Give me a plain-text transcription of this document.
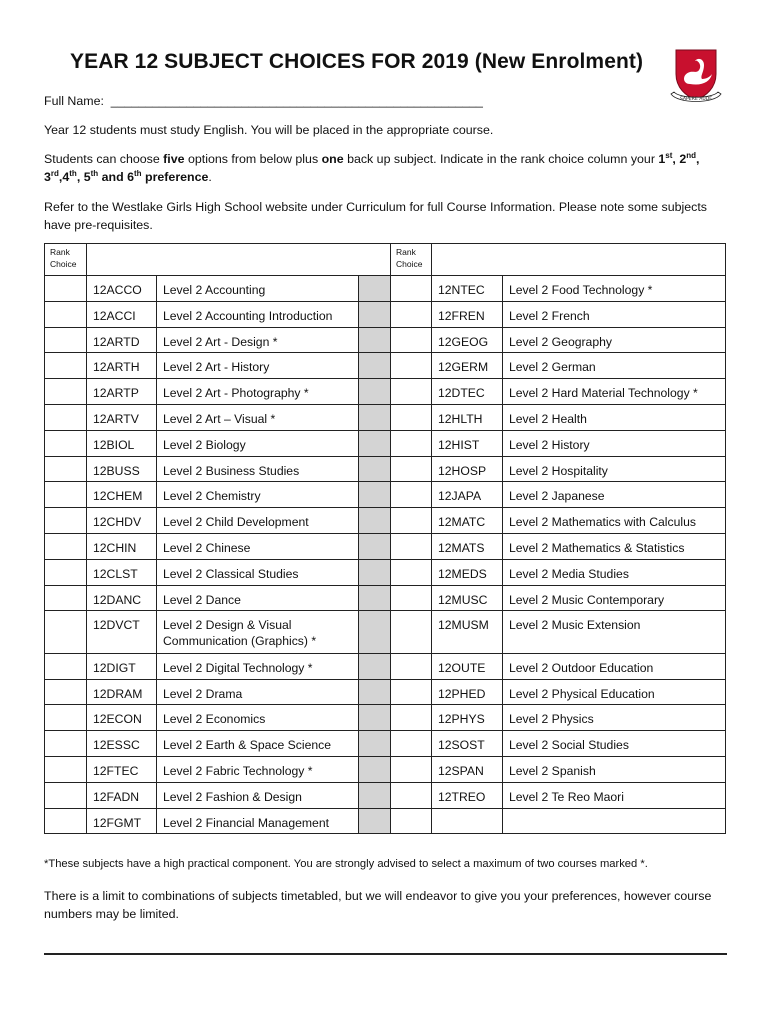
YEAR 12 SUBJECT CHOICES FOR 2019 (New Enrolment)
SAPERE AUDE
Full Name: ______________________________________________________
Year 12 students must study English. You will be placed in the appropriate course.
Students can choose five options from below plus one back up subject. Indicate in the rank choice column your 1st, 2nd, 3rd,4th, 5th and 6th preference.
Refer to the Westlake Girls High School website under Curriculum for full Course Information. Please note some subjects have pre-requisites.
Rank Choice				Rank Choice		
	12ACCO	Level 2 Accounting			12NTEC	Level 2 Food Technology *
	12ACCI	Level 2 Accounting Introduction			12FREN	Level 2 French
	12ARTD	Level 2 Art - Design *			12GEOG	Level 2 Geography
	12ARTH	Level 2 Art - History			12GERM	Level 2 German
	12ARTP	Level 2 Art - Photography *			12DTEC	Level 2 Hard Material Technology *
	12ARTV	Level 2 Art – Visual *			12HLTH	Level 2 Health
	12BIOL	Level 2 Biology			12HIST	Level 2 History
	12BUSS	Level 2 Business Studies			12HOSP	Level 2 Hospitality
	12CHEM	Level 2 Chemistry			12JAPA	Level 2 Japanese
	12CHDV	Level 2 Child Development			12MATC	Level 2 Mathematics with Calculus
	12CHIN	Level 2 Chinese			12MATS	Level 2 Mathematics & Statistics
	12CLST	Level 2 Classical Studies			12MEDS	Level 2 Media Studies
	12DANC	Level 2 Dance			12MUSC	Level 2 Music Contemporary
	12DVCT	Level 2 Design & Visual Communication (Graphics) *			12MUSM	Level 2 Music Extension
	12DIGT	Level 2 Digital Technology *			12OUTE	Level 2 Outdoor Education
	12DRAM	Level 2 Drama			12PHED	Level 2 Physical Education
	12ECON	Level 2 Economics			12PHYS	Level 2 Physics
	12ESSC	Level 2 Earth & Space Science			12SOST	Level 2 Social Studies
	12FTEC	Level 2 Fabric Technology *			12SPAN	Level 2 Spanish
	12FADN	Level 2 Fashion & Design			12TREO	Level 2 Te Reo Maori
	12FGMT	Level 2 Financial Management				
*These subjects have a high practical component. You are strongly advised to select a maximum of two courses marked *.
There is a limit to combinations of subjects timetabled, but we will endeavor to give you your preferences, however course numbers may be limited.
